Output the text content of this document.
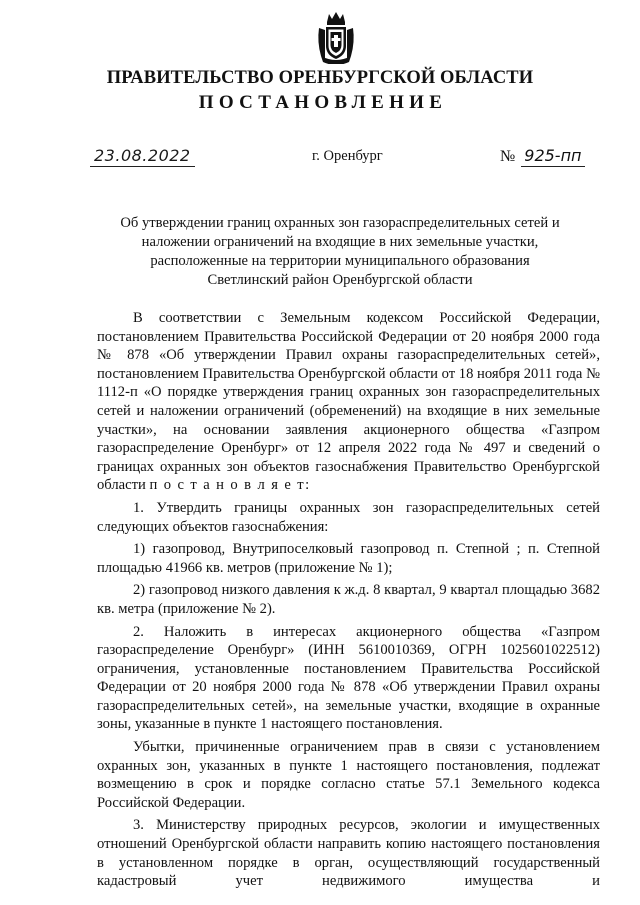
ПРАВИТЕЛЬСТВО ОРЕНБУРГСКОЙ ОБЛАСТИ
ПОСТАНОВЛЕНИЕ
23.08.2022	г. Оренбург	№ 925-пп
Об утверждении границ охранных зон газораспределительных сетей и
наложении ограничений на входящие в них земельные участки,
расположенные на территории муниципального образования
Светлинский район Оренбургской области

В соответствии с Земельным кодексом Российской Федерации, постановлением Правительства Российской Федерации от 20 ноября 2000 года № 878 «Об утверждении Правил охраны газораспределительных сетей», постановлением Правительства Оренбургской области от 18 ноября 2011 года № 1112-п «О порядке утверждения границ охранных зон газораспределительных сетей и наложении ограничений (обременений) на входящие в них земельные участки», на основании заявления акционерного общества «Газпром газораспределение Оренбург» от 12 апреля 2022 года № 497 и сведений о границах охранных зон объектов газоснабжения Правительство Оренбургской области п о с т а н о в л я е т:

1. Утвердить границы охранных зон газораспределительных сетей следующих объектов газоснабжения:

1) газопровод, Внутрипоселковый газопровод п. Степной ; п. Степной площадью 41966 кв. метров (приложение № 1);

2) газопровод низкого давления к ж.д. 8 квартал, 9 квартал площадью 3682 кв. метра (приложение № 2).

2. Наложить в интересах акционерного общества «Газпром газораспределение Оренбург» (ИНН 5610010369, ОГРН 1025601022512) ограничения, установленные постановлением Правительства Российской Федерации от 20 ноября 2000 года № 878 «Об утверждении Правил охраны газораспределительных сетей», на земельные участки, входящие в охранные зоны, указанные в пункте 1 настоящего постановления.

Убытки, причиненные ограничением прав в связи с установлением охранных зон, указанных в пункте 1 настоящего постановления, подлежат возмещению в срок и порядке согласно статье 57.1 Земельного кодекса Российской Федерации.

3. Министерству природных ресурсов, экологии и имущественных отношений Оренбургской области направить копию настоящего постановления в установленном порядке в орган, осуществляющий государственный кадастровый учет недвижимого имущества и
